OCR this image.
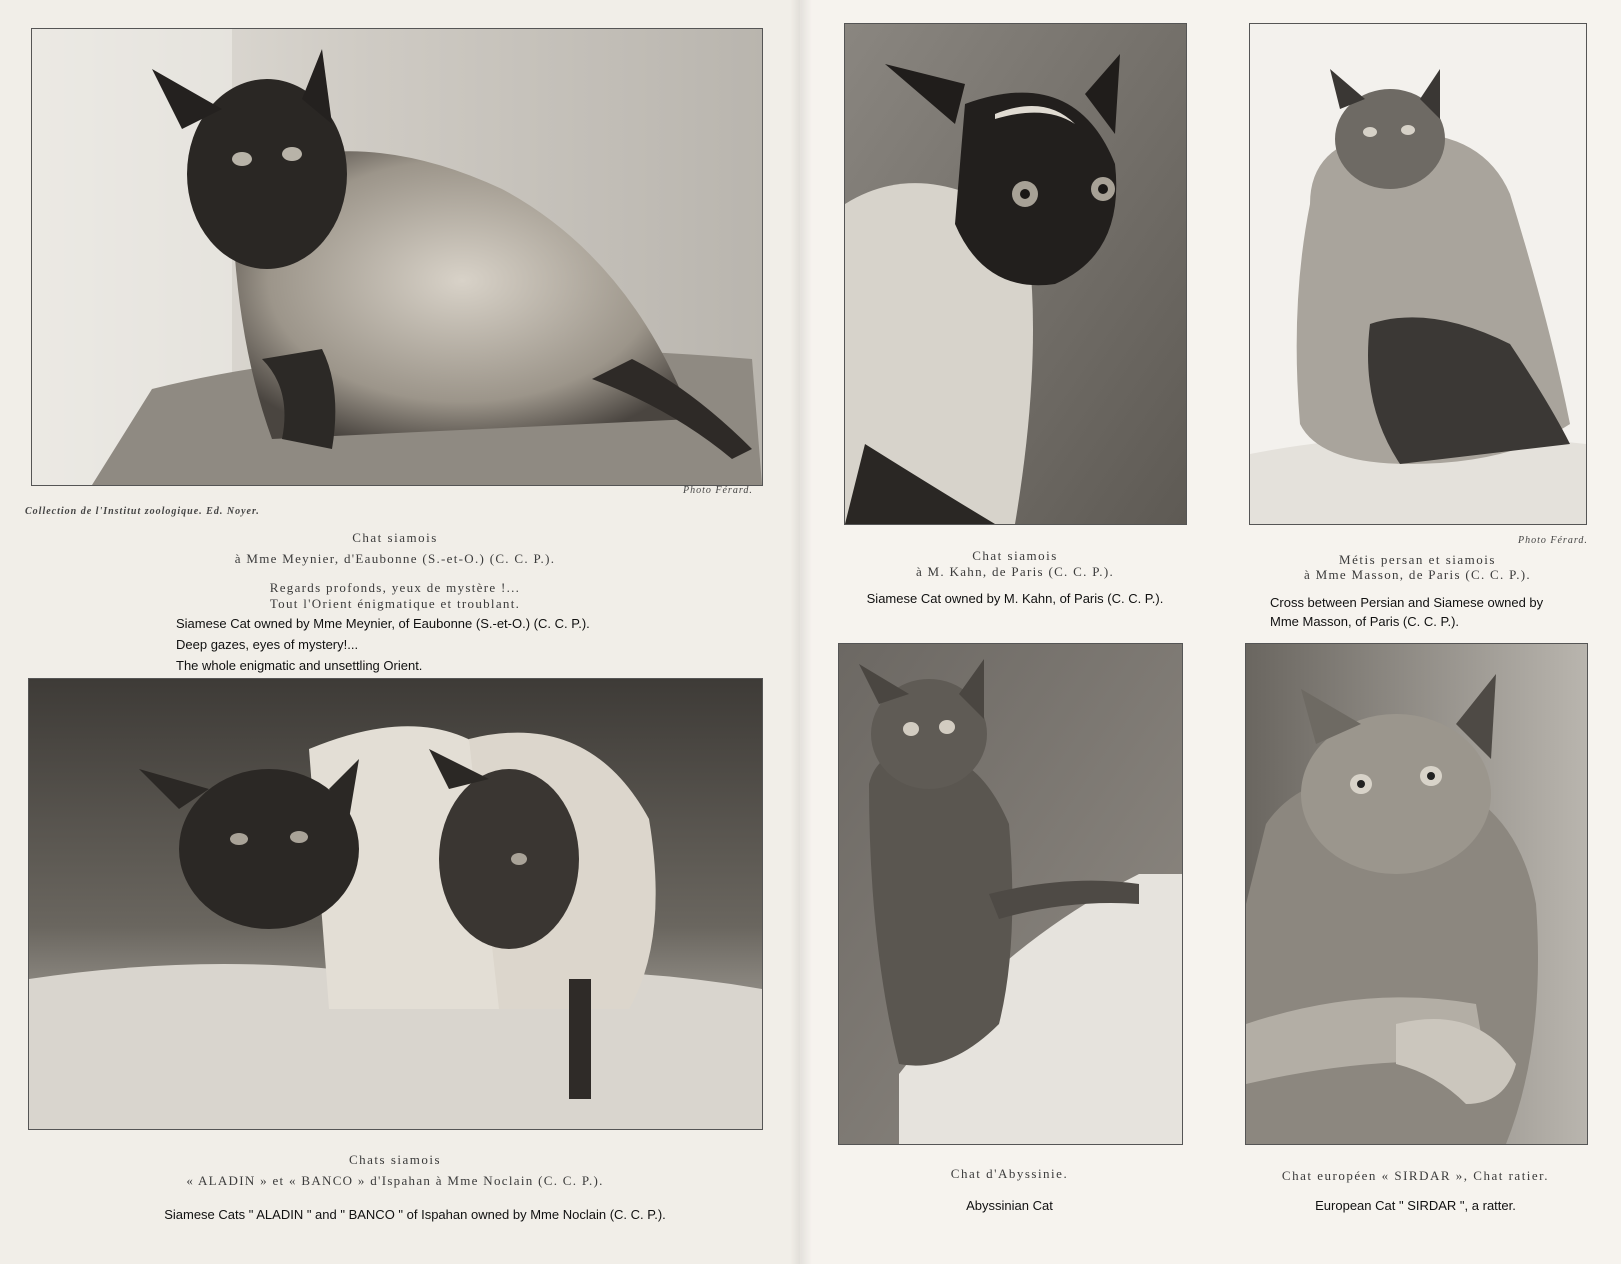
Photo Férard.
Collection de l'Institut zoologique. Ed. Noyer.
Chat siamois
à Mme Meynier, d'Eaubonne (S.-et-O.) (C. C. P.).
Regards profonds, yeux de mystère !...
Tout l'Orient énigmatique et troublant.
Siamese Cat owned by Mme Meynier, of Eaubonne (S.-et-O.) (C. C. P.).
Deep gazes, eyes of mystery!...
The whole enigmatic and unsettling Orient.
Chats siamois
« ALADIN » et « BANCO » d'Ispahan à Mme Noclain (C. C. P.).
Siamese Cats " ALADIN " and " BANCO " of Ispahan owned by Mme Noclain (C. C. P.).
Chat siamois
à M. Kahn, de Paris (C. C. P.).
Siamese Cat owned by M. Kahn, of Paris (C. C. P.).
Photo Férard.
Métis persan et siamois
à Mme Masson, de Paris (C. C. P.).
Cross between Persian and Siamese owned by
Mme Masson, of Paris (C. C. P.).
Chat d'Abyssinie.
Abyssinian Cat
Chat européen « SIRDAR », Chat ratier.
European Cat " SIRDAR ", a ratter.
